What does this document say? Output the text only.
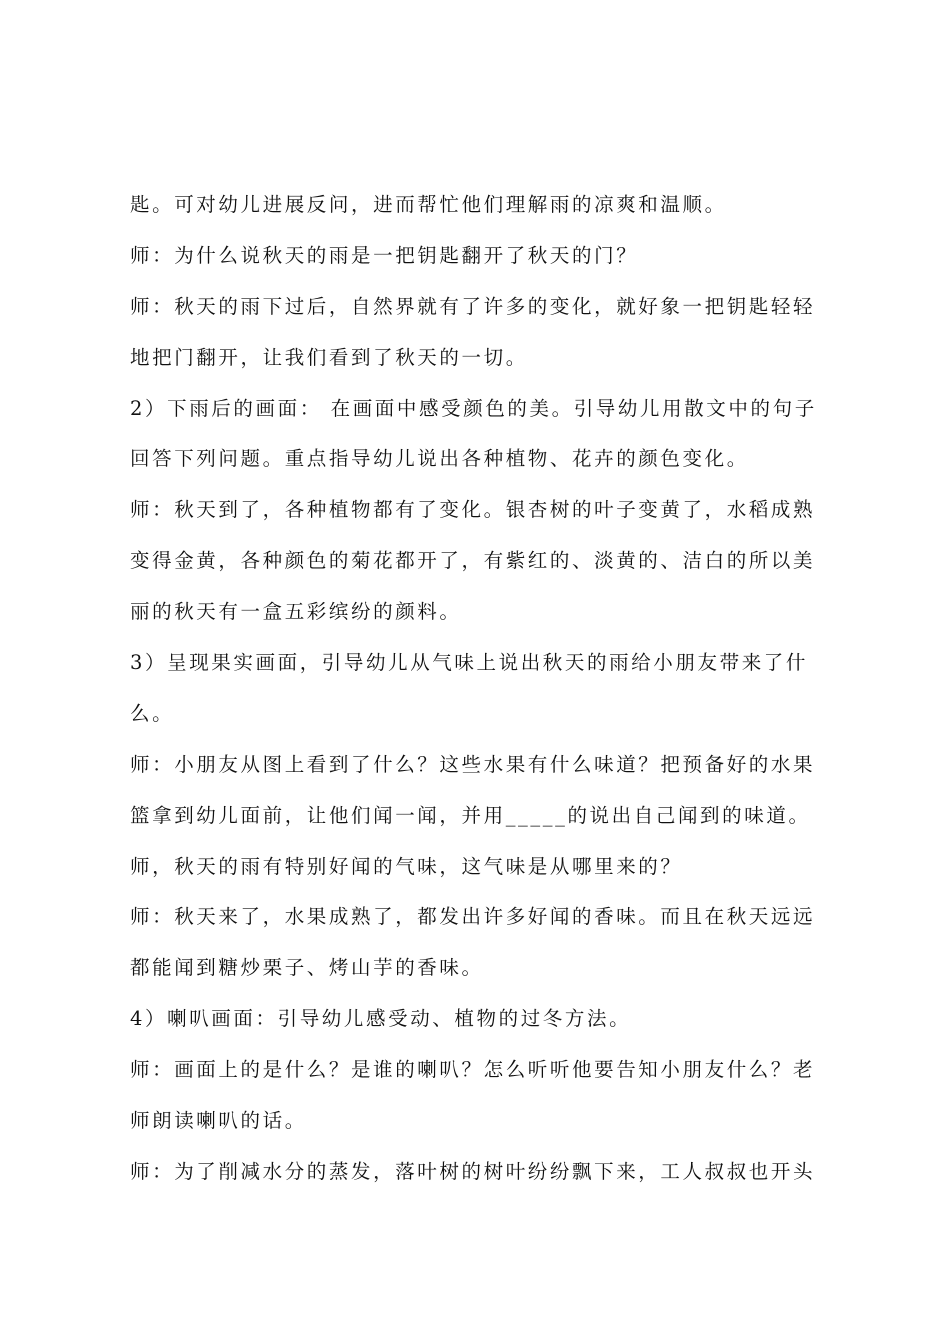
匙。可对幼儿进展反问，进而帮忙他们理解雨的凉爽和温顺。
师：为什么说秋天的雨是一把钥匙翻开了秋天的门？
师：秋天的雨下过后，自然界就有了许多的变化，就好象一把钥匙轻轻
地把门翻开，让我们看到了秋天的一切。
2）下雨后的画面： 在画面中感受颜色的美。引导幼儿用散文中的句子
回答下列问题。重点指导幼儿说出各种植物、花卉的颜色变化。
师：秋天到了，各种植物都有了变化。银杏树的叶子变黄了，水稻成熟
变得金黄，各种颜色的菊花都开了，有紫红的、淡黄的、洁白的所以美
丽的秋天有一盒五彩缤纷的颜料。
3）呈现果实画面，引导幼儿从气味上说出秋天的雨给小朋友带来了什
么。
师：小朋友从图上看到了什么？这些水果有什么味道？把预备好的水果
篮拿到幼儿面前，让他们闻一闻，并用_____的说出自己闻到的味道。
师，秋天的雨有特别好闻的气味，这气味是从哪里来的？
师：秋天来了，水果成熟了，都发出许多好闻的香味。而且在秋天远远
都能闻到糖炒栗子、烤山芋的香味。
4）喇叭画面：引导幼儿感受动、植物的过冬方法。
师：画面上的是什么？是谁的喇叭？怎么听听他要告知小朋友什么？老
师朗读喇叭的话。
师：为了削减水分的蒸发，落叶树的树叶纷纷飘下来，工人叔叔也开头
